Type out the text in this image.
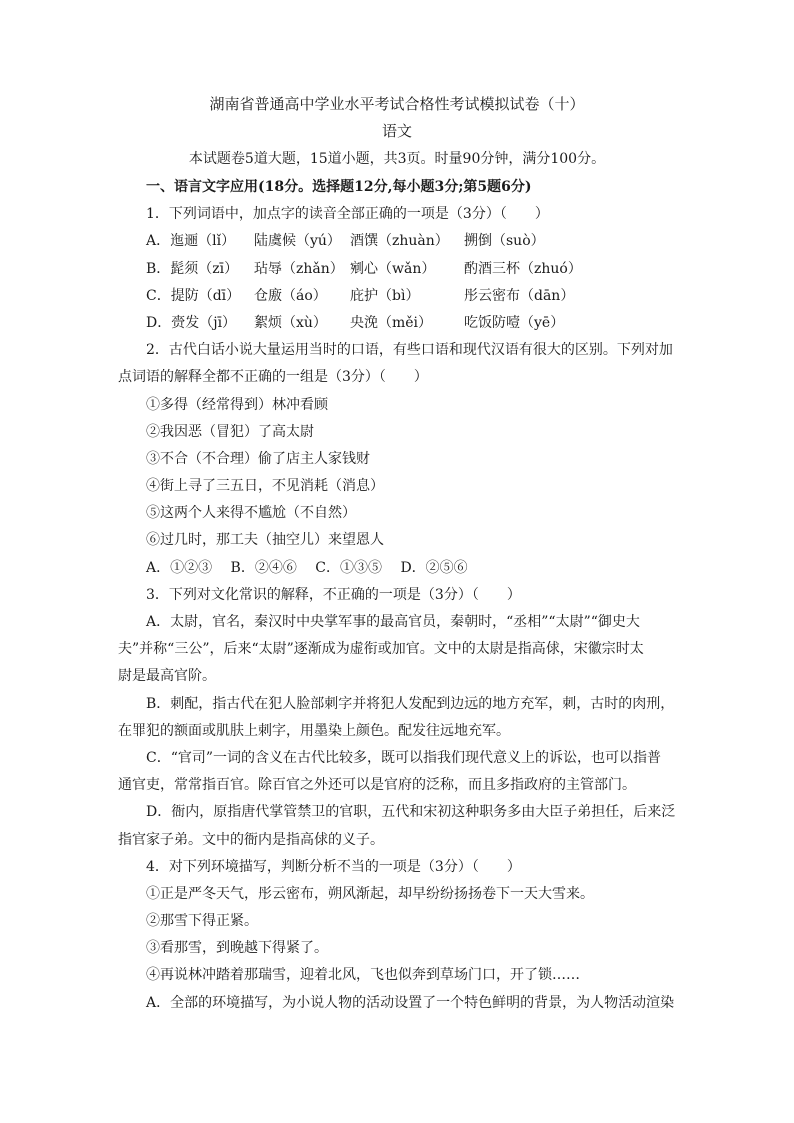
湖南省普通高中学业水平考试合格性考试模拟试卷（十）
语文
本试题卷5道大题，15道小题，共3页。时量90分钟，满分100分。
一、语言文字应用(18分。选择题12分,每小题3分;第5题6分)
1．下列词语中，加点字的读音全部正确的一项是（3分）（　　）
A．迤逦（lǐ） 陆虞候（yú） 酒馔（zhuàn） 搠倒（suò）
B．髭须（zī） 玷辱（zhǎn） 剜心（wǎn） 酌酒三杯（zhuó）
C．提防（dī） 仓廒（áo） 庇护（bì）	彤云密布（dān）
D．赍发（jī） 絮烦（xù） 央浼（měi） 吃饭防噎（yē）
2．古代白话小说大量运用当时的口语，有些口语和现代汉语有很大的区别。下列对加
点词语的解释全都不正确的一组是（3分）（　　）
①多得（经常得到）林冲看顾
②我因恶（冒犯）了高太尉
③不合（不合理）偷了店主人家钱财
④街上寻了三五日，不见消耗（消息）
⑤这两个人来得不尴尬（不自然）
⑥过几时，那工夫（抽空儿）来望恩人
A．①②③　 B．②④⑥　 C．①③⑤　 D．②⑤⑥
3．下列对文化常识的解释，不正确的一项是（3分）（　　）
A．太尉，官名，秦汉时中央掌军事的最高官员，秦朝时，“丞相”“太尉”“御史大
夫”并称“三公”，后来“太尉”逐渐成为虚衔或加官。文中的太尉是指高俅，宋徽宗时太
尉是最高官阶。
B．刺配，指古代在犯人脸部刺字并将犯人发配到边远的地方充军，刺，古时的肉刑，
在罪犯的额面或肌肤上刺字，用墨染上颜色。配发往远地充军。
C．“官司”一词的含义在古代比较多，既可以指我们现代意义上的诉讼，也可以指普
通官吏，常常指百官。除百官之外还可以是官府的泛称，而且多指政府的主管部门。
D．衙内，原指唐代掌管禁卫的官职，五代和宋初这种职务多由大臣子弟担任，后来泛
指官家子弟。文中的衙内是指高俅的义子。
4．对下列环境描写，判断分析不当的一项是（3分）（　　）
①正是严冬天气，彤云密布，朔风渐起，却早纷纷扬扬卷下一天大雪来。
②那雪下得正紧。
③看那雪，到晚越下得紧了。
④再说林冲踏着那瑞雪，迎着北风，飞也似奔到草场门口，开了锁……
A．全部的环境描写，为小说人物的活动设置了一个特色鲜明的背景，为人物活动渲染
